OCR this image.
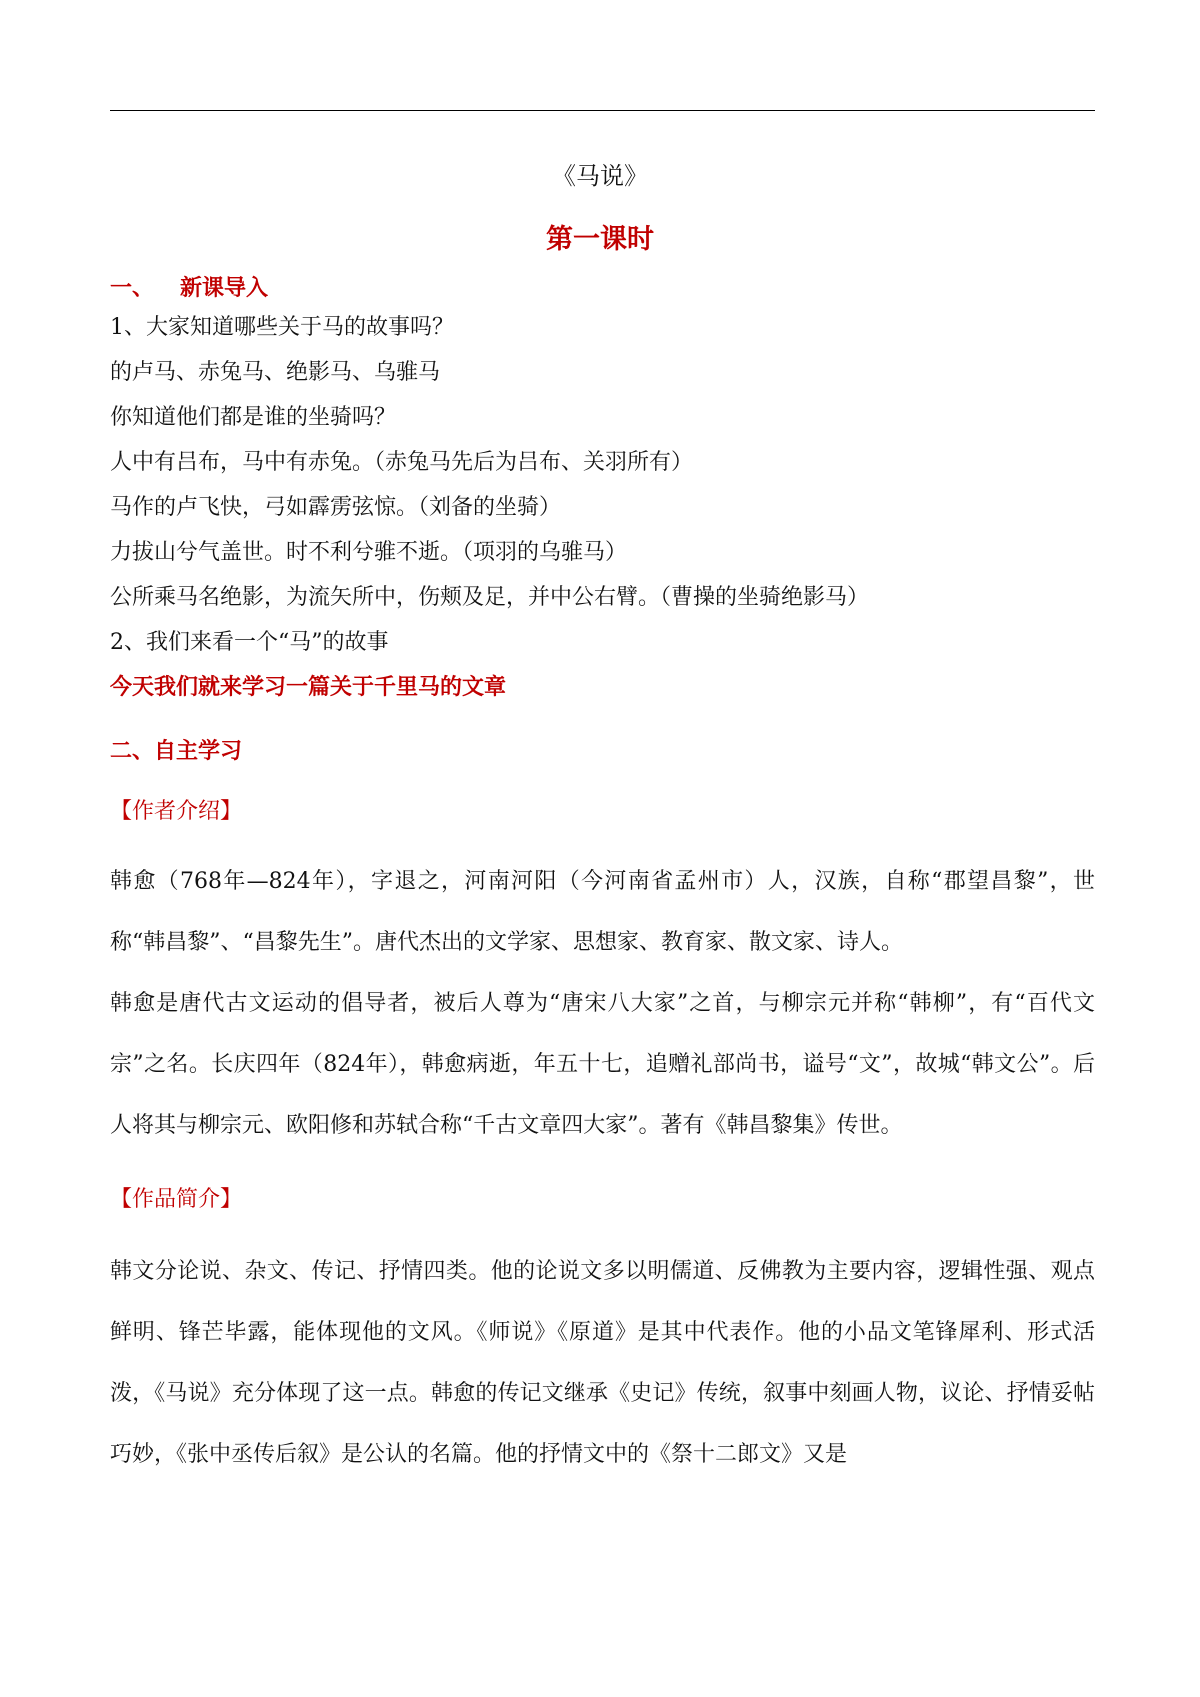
《马说》
第一课时
一、 新课导入
1、大家知道哪些关于马的故事吗？
的卢马、赤兔马、绝影马、乌骓马
你知道他们都是谁的坐骑吗？
人中有吕布，马中有赤兔。（赤兔马先后为吕布、关羽所有）
马作的卢飞快，弓如霹雳弦惊。（刘备的坐骑）
力拔山兮气盖世。时不利兮骓不逝。（项羽的乌骓马）
公所乘马名绝影，为流矢所中，伤颊及足，并中公右臂。（曹操的坐骑绝影马）
2、我们来看一个“马”的故事
今天我们就来学习一篇关于千里马的文章
二、自主学习
【作者介绍】

韩愈（768年—824年），字退之，河南河阳（今河南省孟州市）人，汉族，自称“郡望昌黎”，世称“韩昌黎”、“昌黎先生”。唐代杰出的文学家、思想家、教育家、散文家、诗人。

韩愈是唐代古文运动的倡导者，被后人尊为“唐宋八大家”之首，与柳宗元并称“韩柳”，有“百代文宗”之名。长庆四年（824年），韩愈病逝，年五十七，追赠礼部尚书，谥号“文”，故城“韩文公”。后人将其与柳宗元、欧阳修和苏轼合称“千古文章四大家”。著有《韩昌黎集》传世。

【作品简介】

韩文分论说、杂文、传记、抒情四类。他的论说文多以明儒道、反佛教为主要内容，逻辑性强、观点鲜明、锋芒毕露，能体现他的文风。《师说》《原道》是其中代表作。他的小品文笔锋犀利、形式活泼，《马说》充分体现了这一点。韩愈的传记文继承《史记》传统，叙事中刻画人物，议论、抒情妥帖巧妙，《张中丞传后叙》是公认的名篇。他的抒情文中的《祭十二郎文》又是
